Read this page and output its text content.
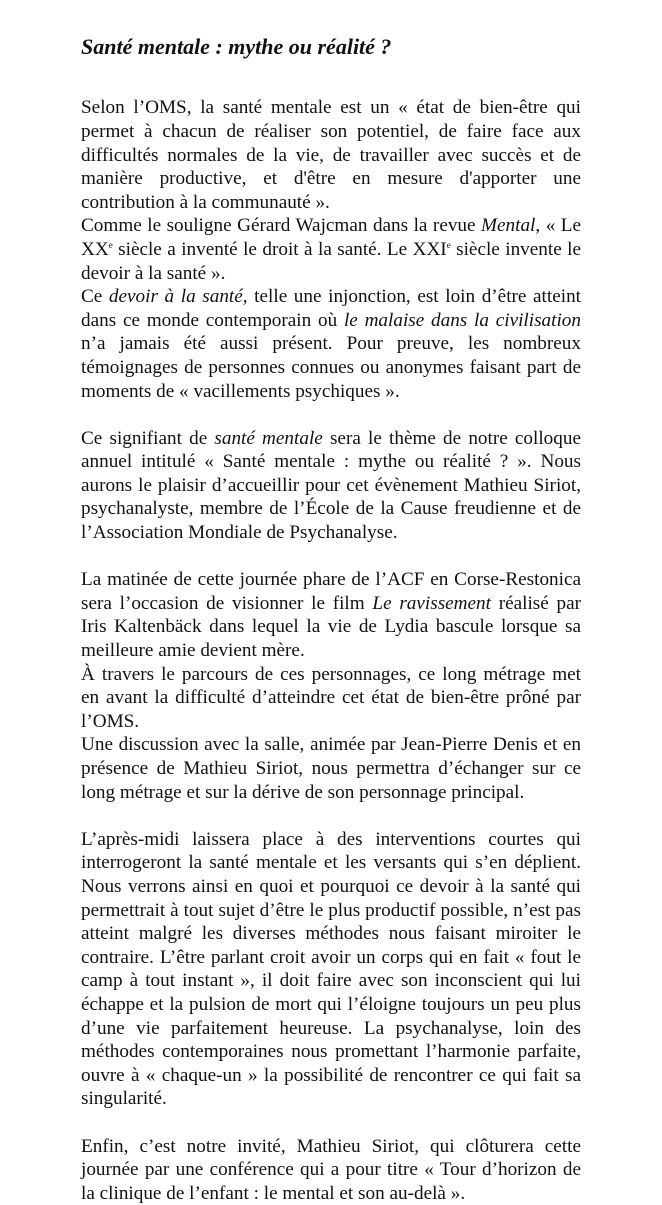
Santé mentale : mythe ou réalité ?

Selon l’OMS, la santé mentale est un « état de bien-être qui permet à chacun de réaliser son potentiel, de faire face aux difficultés normales de la vie, de travailler avec succès et de manière productive, et d'être en mesure d'apporter une contribution à la communauté ».

Comme le souligne Gérard Wajcman dans la revue Mental, « Le XXe siècle a inventé le droit à la santé. Le XXIe siècle invente le devoir à la santé ».

Ce devoir à la santé, telle une injonction, est loin d’être atteint dans ce monde contemporain où le malaise dans la civilisation n’a jamais été aussi présent. Pour preuve, les nombreux témoignages de personnes connues ou anonymes faisant part de moments de « vacillements psychiques ».

Ce signifiant de santé mentale sera le thème de notre colloque annuel intitulé « Santé mentale : mythe ou réalité ? ». Nous aurons le plaisir d’accueillir pour cet évènement Mathieu Siriot, psychanalyste, membre de l’École de la Cause freudienne et de l’Association Mondiale de Psychanalyse.

La matinée de cette journée phare de l’ACF en Corse-Restonica sera l’occasion de visionner le film Le ravissement réalisé par Iris Kaltenbäck dans lequel la vie de Lydia bascule lorsque sa meilleure amie devient mère.

À travers le parcours de ces personnages, ce long métrage met en avant la difficulté d’atteindre cet état de bien-être prôné par l’OMS.

Une discussion avec la salle, animée par Jean-Pierre Denis et en présence de Mathieu Siriot, nous permettra d’échanger sur ce long métrage et sur la dérive de son personnage principal.

L’après-midi laissera place à des interventions courtes qui interrogeront la santé mentale et les versants qui s’en déplient. Nous verrons ainsi en quoi et pourquoi ce devoir à la santé qui permettrait à tout sujet d’être le plus productif possible, n’est pas atteint malgré les diverses méthodes nous faisant miroiter le contraire. L’être parlant croit avoir un corps qui en fait « fout le camp à tout instant », il doit faire avec son inconscient qui lui échappe et la pulsion de mort qui l’éloigne toujours un peu plus d’une vie parfaitement heureuse. La psychanalyse, loin des méthodes contemporaines nous promettant l’harmonie parfaite, ouvre à « chaque-un » la possibilité de rencontrer ce qui fait sa singularité.

Enfin, c’est notre invité, Mathieu Siriot, qui clôturera cette journée par une conférence qui a pour titre « Tour d’horizon de la clinique de l’enfant : le mental et son au-delà ».
